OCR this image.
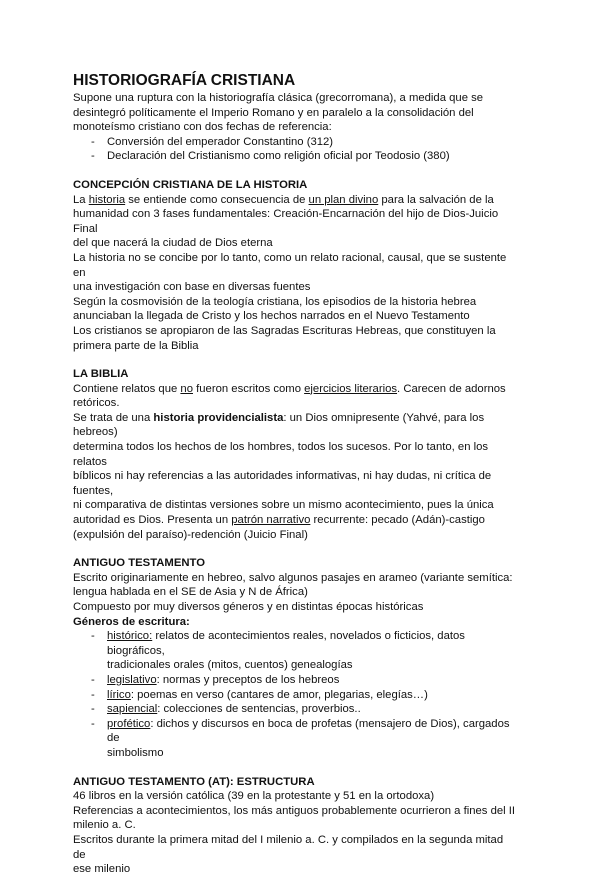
HISTORIOGRAFÍA CRISTIANA

Supone una ruptura con la historiografía clásica (grecorromana), a medida que se

desintegró políticamente el Imperio Romano y en paralelo a la consolidación del

monoteísmo cristiano con dos fechas de referencia:

- Conversión del emperador Constantino (312)
- Declaración del Cristianismo como religión oficial por Teodosio (380)
CONCEPCIÓN CRISTIANA DE LA HISTORIA

La historia se entiende como consecuencia de un plan divino para la salvación de la

humanidad con 3 fases fundamentales: Creación-Encarnación del hijo de Dios-Juicio Final

del que nacerá la ciudad de Dios eterna

La historia no se concibe por lo tanto, como un relato racional, causal, que se sustente en

una investigación con base en diversas fuentes

Según la cosmovisión de la teología cristiana, los episodios de la historia hebrea

anunciaban la llegada de Cristo y los hechos narrados en el Nuevo Testamento

Los cristianos se apropiaron de las Sagradas Escrituras Hebreas, que constituyen la

primera parte de la Biblia

LA BIBLIA

Contiene relatos que no fueron escritos como ejercicios literarios. Carecen de adornos

retóricos.

Se trata de una historia providencialista: un Dios omnipresente (Yahvé, para los hebreos)

determina todos los hechos de los hombres, todos los sucesos. Por lo tanto, en los relatos

bíblicos ni hay referencias a las autoridades informativas, ni hay dudas, ni crítica de fuentes,

ni comparativa de distintas versiones sobre un mismo acontecimiento, pues la única

autoridad es Dios. Presenta un patrón narrativo recurrente: pecado (Adán)-castigo

(expulsión del paraíso)-redención (Juicio Final)

ANTIGUO TESTAMENTO

Escrito originariamente en hebreo, salvo algunos pasajes en arameo (variante semítica:

lengua hablada en el SE de Asia y N de África)

Compuesto por muy diversos géneros y en distintas épocas históricas

Géneros de escritura:
- histórico: relatos de acontecimientos reales, novelados o ficticios, datos biográficos,
tradicionales orales (mitos, cuentos) genealogías
- legislativo: normas y preceptos de los hebreos
- lírico: poemas en verso (cantares de amor, plegarias, elegías…)
- sapiencial: colecciones de sentencias, proverbios..
- profético: dichos y discursos en boca de profetas (mensajero de Dios), cargados de
simbolismo
ANTIGUO TESTAMENTO (AT): ESTRUCTURA

46 libros en la versión católica (39 en la protestante y 51 en la ortodoxa)

Referencias a acontecimientos, los más antiguos probablemente ocurrieron a fines del II

milenio a. C.

Escritos durante la primera mitad del I milenio a. C. y compilados en la segunda mitad de

ese milenio
